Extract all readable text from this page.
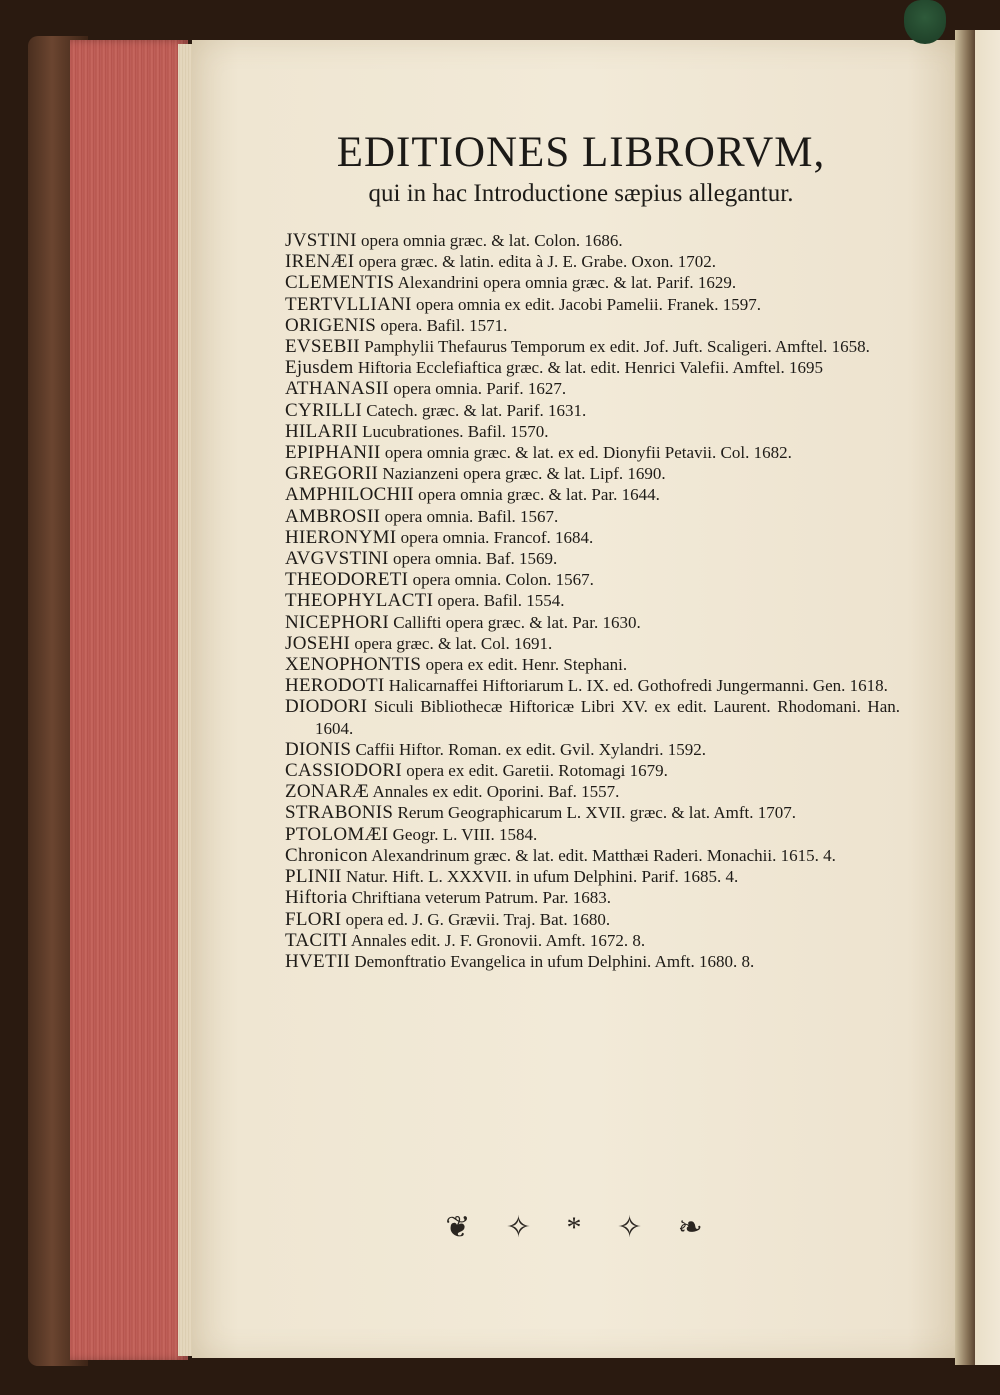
EDITIONES LIBRORVM,
qui in hac Introductione sæpius allegantur.
JVSTINI opera omnia græc. & lat. Colon. 1686.
IRENÆI opera græc. & latin. edita à J. E. Grabe. Oxon. 1702.
CLEMENTIS Alexandrini opera omnia græc. & lat. Parif. 1629.
TERTVLLIANI opera omnia ex edit. Jacobi Pamelii. Franek. 1597.
ORIGENIS opera. Bafil. 1571.
EVSEBII Pamphylii Thefaurus Temporum ex edit. Jof. Juft. Scaligeri. Amftel. 1658.
Ejusdem Hiftoria Ecclefiaftica græc. & lat. edit. Henrici Valefii. Amftel. 1695
ATHANASII opera omnia. Parif. 1627.
CYRILLI Catech. græc. & lat. Parif. 1631.
HILARII Lucubrationes. Bafil. 1570.
EPIPHANII opera omnia græc. & lat. ex ed. Dionyfii Petavii. Col. 1682.
GREGORII Nazianzeni opera græc. & lat. Lipf. 1690.
AMPHILOCHII opera omnia græc. & lat. Par. 1644.
AMBROSII opera omnia. Bafil. 1567.
HIERONYMI opera omnia. Francof. 1684.
AVGVSTINI opera omnia. Baf. 1569.
THEODORETI opera omnia. Colon. 1567.
THEOPHYLACTI opera. Bafil. 1554.
NICEPHORI Callifti opera græc. & lat. Par. 1630.
JOSEHI opera græc. & lat. Col. 1691.
XENOPHONTIS opera ex edit. Henr. Stephani.
HERODOTI Halicarnaffei Hiftoriarum L. IX. ed. Gothofredi Jungermanni. Gen. 1618.
DIODORI Siculi Bibliothecæ Hiftoricæ Libri XV. ex edit. Laurent. Rhodomani. Han. 1604.
DIONIS Caffii Hiftor. Roman. ex edit. Gvil. Xylandri. 1592.
CASSIODORI opera ex edit. Garetii. Rotomagi 1679.
ZONARÆ Annales ex edit. Oporini. Baf. 1557.
STRABONIS Rerum Geographicarum L. XVII. græc. & lat. Amft. 1707.
PTOLOMÆI Geogr. L. VIII. 1584.
Chronicon Alexandrinum græc. & lat. edit. Matthæi Raderi. Monachii. 1615. 4.
PLINII Natur. Hift. L. XXXVII. in ufum Delphini. Parif. 1685. 4.
Hiftoria Chriftiana veterum Patrum. Par. 1683.
FLORI opera ed. J. G. Grævii. Traj. Bat. 1680.
TACITI Annales edit. J. F. Gronovii. Amft. 1672. 8.
HVETII Demonftratio Evangelica in ufum Delphini. Amft. 1680. 8.
❦ ✧ * ✧ ❧
